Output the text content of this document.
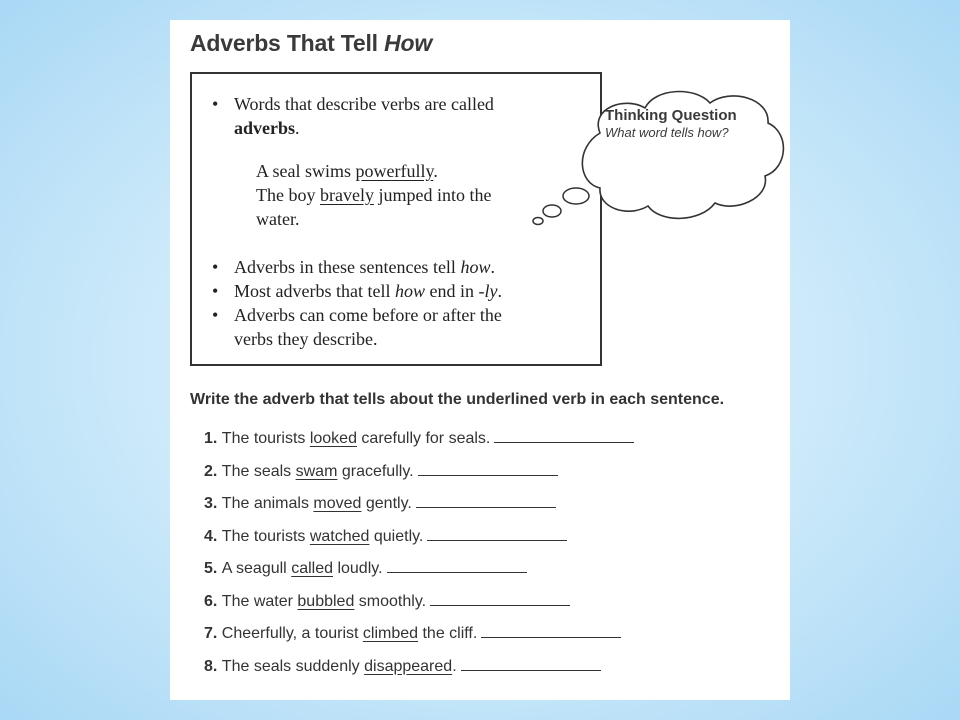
Adverbs That Tell How
• Words that describe verbs are called
adverbs.
A seal swims powerfully.
The boy bravely jumped into the
water.
• Adverbs in these sentences tell how.
• Most adverbs that tell how end in -ly.
• Adverbs can come before or after the
verbs they describe.
Thinking Question
What word tells how?
Write the adverb that tells about the underlined verb in each sentence.
1. The tourists looked carefully for seals.
2. The seals swam gracefully.
3. The animals moved gently.
4. The tourists watched quietly.
5. A seagull called loudly.
6. The water bubbled smoothly.
7. Cheerfully, a tourist climbed the cliff.
8. The seals suddenly disappeared.
